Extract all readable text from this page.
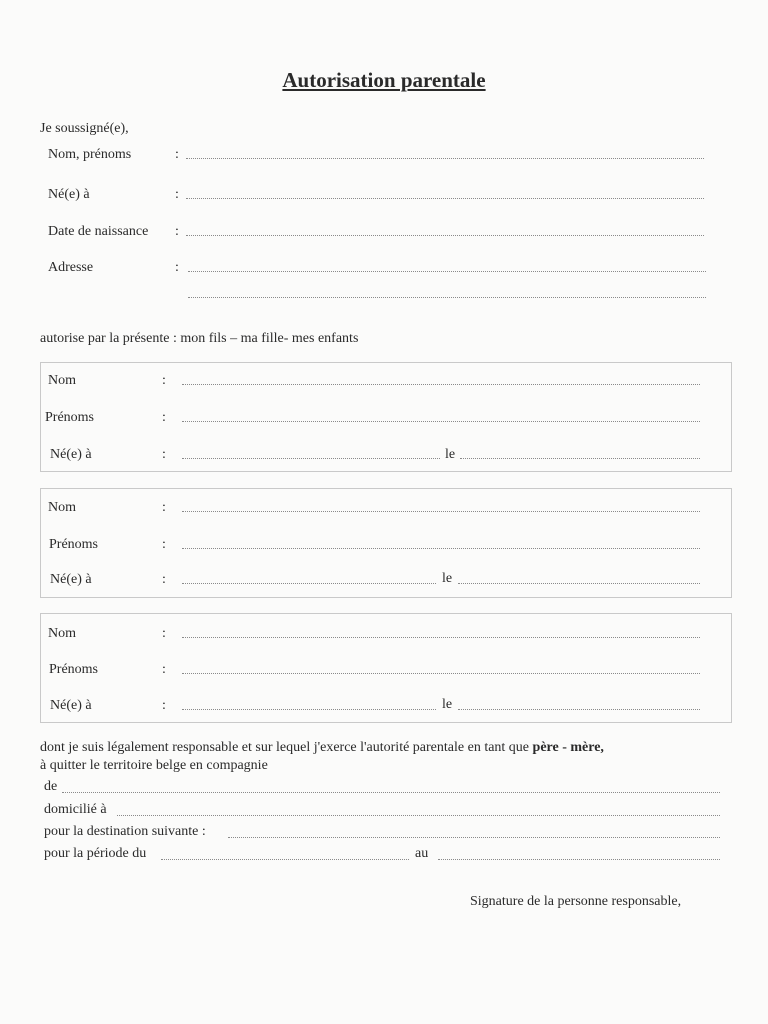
Autorisation parentale
Je soussigné(e),
Nom, prénoms	:
Né(e) à	:
Date de naissance :
Adresse	:
autorise par la présente : mon fils – ma fille- mes enfants
Nom	:
Prénoms	:
Né(e) à	:	le
Nom	:
Prénoms	:
Né(e) à	:	le
Nom	:
Prénoms	:
Né(e) à	:	le
dont je suis légalement responsable et sur lequel j'exerce l'autorité parentale en tant que père - mère,
à quitter le territoire belge en compagnie
de
domicilié à
pour la destination suivante :
pour la période du	au
Signature de la personne responsable,
